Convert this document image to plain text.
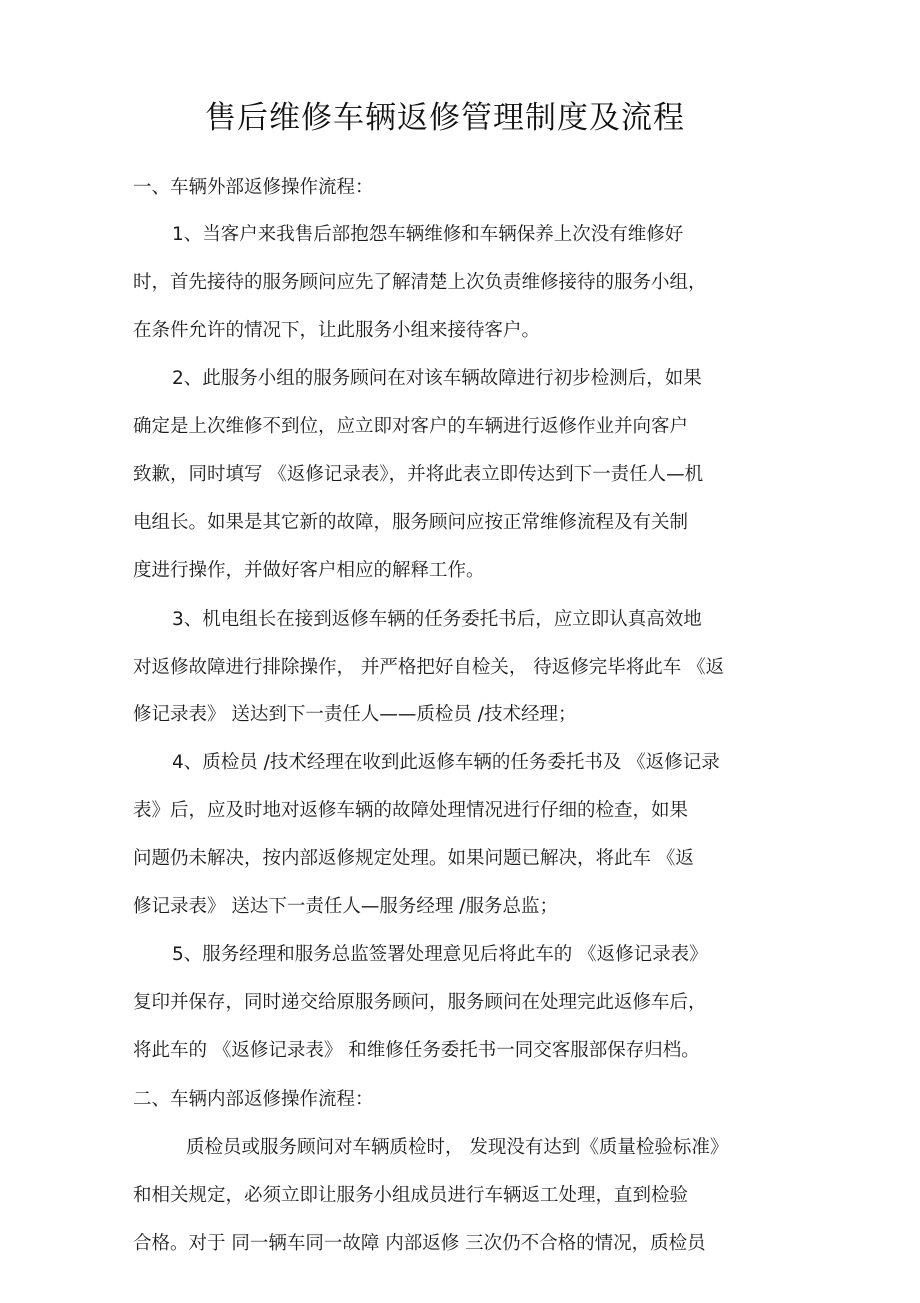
售后维修车辆返修管理制度及流程
一、车辆外部返修操作流程：
1、当客户来我售后部抱怨车辆维修和车辆保养上次没有维修好
时，首先接待的服务顾问应先了解清楚上次负责维修接待的服务小组，
在条件允许的情况下，让此服务小组来接待客户。
2、此服务小组的服务顾问在对该车辆故障进行初步检测后，如果
确定是上次维修不到位，应立即对客户的车辆进行返修作业并向客户
致歉，同时填写 《返修记录表》，并将此表立即传达到下一责任人—机
电组长。如果是其它新的故障，服务顾问应按正常维修流程及有关制
度进行操作，并做好客户相应的解释工作。
3、机电组长在接到返修车辆的任务委托书后，应立即认真高效地
对返修故障进行排除操作， 并严格把好自检关， 待返修完毕将此车 《返
修记录表》 送达到下一责任人——质检员 /技术经理；
4、质检员 /技术经理在收到此返修车辆的任务委托书及 《返修记录
表》后，应及时地对返修车辆的故障处理情况进行仔细的检查，如果
问题仍未解决，按内部返修规定处理。如果问题已解决，将此车 《返
修记录表》 送达下一责任人—服务经理 /服务总监；
5、服务经理和服务总监签署处理意见后将此车的 《返修记录表》
复印并保存，同时递交给原服务顾问，服务顾问在处理完此返修车后，
将此车的 《返修记录表》 和维修任务委托书一同交客服部保存归档。
二、车辆内部返修操作流程：
质检员或服务顾问对车辆质检时， 发现没有达到《质量检验标准》
和相关规定，必须立即让服务小组成员进行车辆返工处理，直到检验
合格。对于 同一辆车同一故障 内部返修 三次仍不合格的情况，质检员
